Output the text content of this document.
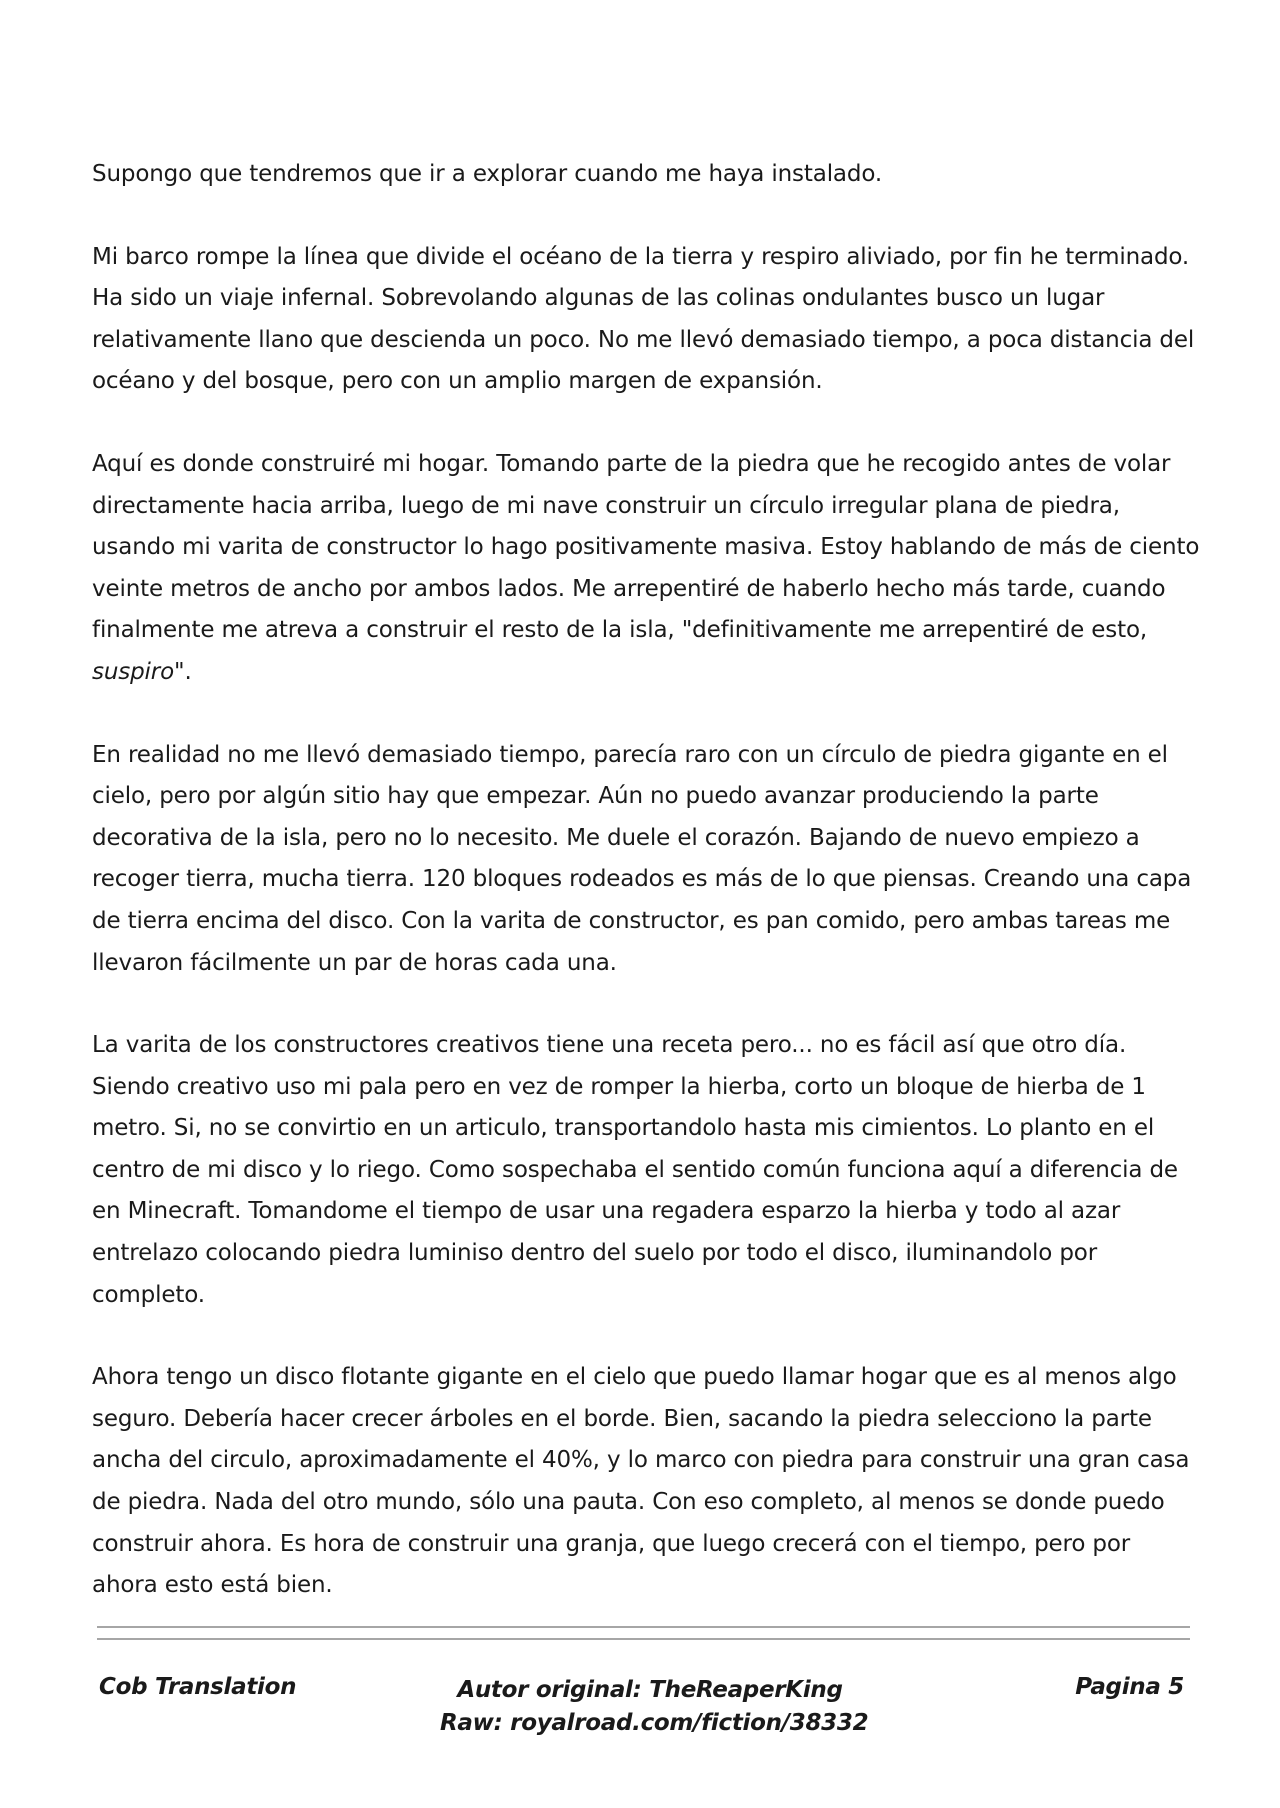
Supongo que tendremos que ir a explorar cuando me haya instalado.

Mi barco rompe la línea que divide el océano de la tierra y respiro aliviado, por fin he terminado. Ha sido un viaje infernal. Sobrevolando algunas de las colinas ondulantes busco un lugar relativamente llano que descienda un poco. No me llevó demasiado tiempo, a poca distancia del océano y del bosque, pero con un amplio margen de expansión.

Aquí es donde construiré mi hogar. Tomando parte de la piedra que he recogido antes de volar directamente hacia arriba, luego de mi nave construir un círculo irregular plana de piedra, usando mi varita de constructor lo hago positivamente masiva. Estoy hablando de más de ciento veinte metros de ancho por ambos lados. Me arrepentiré de haberlo hecho más tarde, cuando finalmente me atreva a construir el resto de la isla, "definitivamente me arrepentiré de esto, suspiro".

En realidad no me llevó demasiado tiempo, parecía raro con un círculo de piedra gigante en el cielo, pero por algún sitio hay que empezar. Aún no puedo avanzar produciendo la parte decorativa de la isla, pero no lo necesito. Me duele el corazón. Bajando de nuevo empiezo a recoger tierra, mucha tierra. 120 bloques rodeados es más de lo que piensas. Creando una capa de tierra encima del disco. Con la varita de constructor, es pan comido, pero ambas tareas me llevaron fácilmente un par de horas cada una.

La varita de los constructores creativos tiene una receta pero... no es fácil así que otro día. Siendo creativo uso mi pala pero en vez de romper la hierba, corto un bloque de hierba de 1 metro. Si, no se convirtio en un articulo, transportandolo hasta mis cimientos. Lo planto en el centro de mi disco y lo riego. Como sospechaba el sentido común funciona aquí a diferencia de en Minecraft. Tomandome el tiempo de usar una regadera esparzo la hierba y todo al azar entrelazo colocando piedra luminiso dentro del suelo por todo el disco, iluminandolo por completo.

Ahora tengo un disco flotante gigante en el cielo que puedo llamar hogar que es al menos algo seguro. Debería hacer crecer árboles en el borde. Bien, sacando la piedra selecciono la parte ancha del circulo, aproximadamente el 40%, y lo marco con piedra para construir una gran casa de piedra. Nada del otro mundo, sólo una pauta. Con eso completo, al menos se donde puedo construir ahora. Es hora de construir una granja, que luego crecerá con el tiempo, pero por ahora esto está bien.

Cob Translation	Autor original: TheReaperKing
Raw: royalroad.com/fiction/38332
Pagina 5
